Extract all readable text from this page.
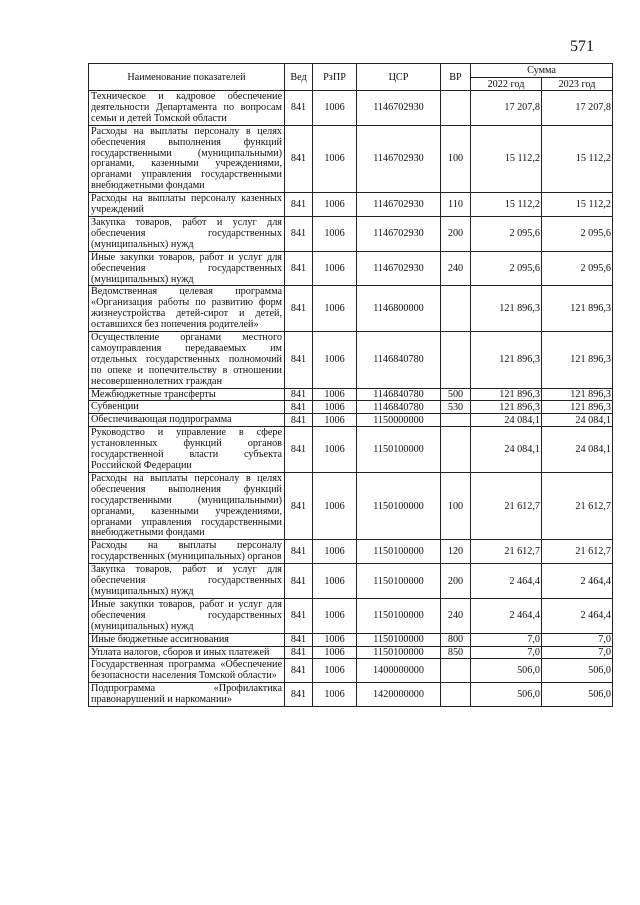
571
Наименование показателей	Вед	РзПР	ЦСР	ВР	Сумма	
					2022 год	2023 год
Техническое и кадровое обеспечение деятельности Департамента по вопросам семьи и детей Томской области	841	1006	1146702930		17 207,8	17 207,8
Расходы на выплаты персоналу в целях обеспечения выполнения функций государственными (муниципальными) органами, казенными учреждениями, органами управления государственными внебюджетными фондами	841	1006	1146702930	100	15 112,2	15 112,2
Расходы на выплаты персоналу казенных учреждений	841	1006	1146702930	110	15 112,2	15 112,2
Закупка товаров, работ и услуг для обеспечения государственных (муниципальных) нужд	841	1006	1146702930	200	2 095,6	2 095,6
Иные закупки товаров, работ и услуг для обеспечения государственных (муниципальных) нужд	841	1006	1146702930	240	2 095,6	2 095,6
Ведомственная целевая программа «Организация работы по развитию форм жизнеустройства детей-сирот и детей, оставшихся без попечения родителей»	841	1006	1146800000		121 896,3	121 896,3
Осуществление органами местного самоуправления передаваемых им отдельных государственных полномочий по опеке и попечительству в отношении несовершеннолетних граждан	841	1006	1146840780		121 896,3	121 896,3
Межбюджетные трансферты	841	1006	1146840780	500	121 896,3	121 896,3
Субвенции	841	1006	1146840780	530	121 896,3	121 896,3
Обеспечивающая подпрограмма	841	1006	1150000000		24 084,1	24 084,1
Руководство и управление в сфере установленных функций органов государственной власти субъекта Российской Федерации	841	1006	1150100000		24 084,1	24 084,1
Расходы на выплаты персоналу в целях обеспечения выполнения функций государственными (муниципальными) органами, казенными учреждениями, органами управления государственными внебюджетными фондами	841	1006	1150100000	100	21 612,7	21 612,7
Расходы на выплаты персоналу государственных (муниципальных) органов	841	1006	1150100000	120	21 612,7	21 612,7
Закупка товаров, работ и услуг для обеспечения государственных (муниципальных) нужд	841	1006	1150100000	200	2 464,4	2 464,4
Иные закупки товаров, работ и услуг для обеспечения государственных (муниципальных) нужд	841	1006	1150100000	240	2 464,4	2 464,4
Иные бюджетные ассигнования	841	1006	1150100000	800	7,0	7,0
Уплата налогов, сборов и иных платежей	841	1006	1150100000	850	7,0	7,0
Государственная программа «Обеспечение безопасности населения Томской области»	841	1006	1400000000		506,0	506,0
Подпрограмма «Профилактика правонарушений и наркомании»	841	1006	1420000000		506,0	506,0
